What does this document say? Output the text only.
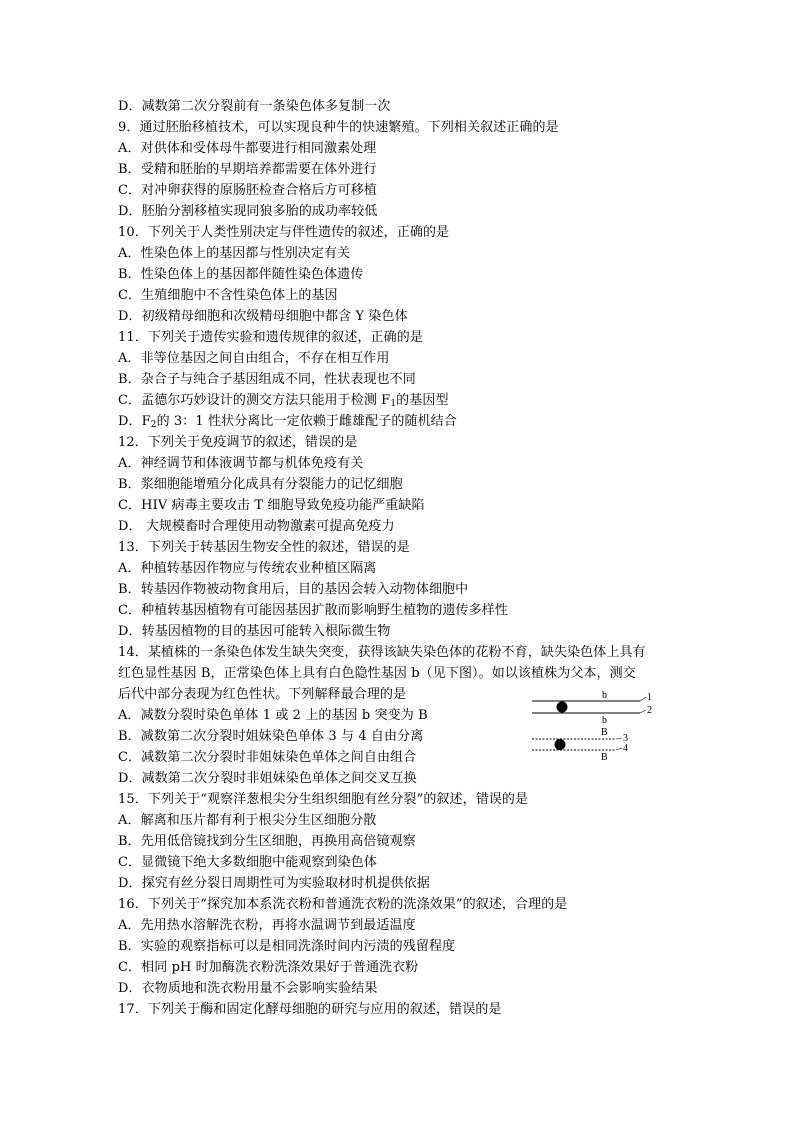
D．减数第二次分裂前有一条染色体多复制一次
9．通过胚胎移植技术，可以实现良种牛的快速繁殖。下列相关叙述正确的是
A．对供体和受体母牛都要进行相同激素处理
B．受精和胚胎的早期培养都需要在体外进行
C．对冲卵获得的原肠胚检查合格后方可移植
D．胚胎分割移植实现同狼多胎的成功率较低
10．下列关于人类性别决定与伴性遗传的叙述，正确的是
A．性染色体上的基因都与性别决定有关
B．性染色体上的基因都伴随性染色体遗传
C．生殖细胞中不含性染色体上的基因
D．初级精母细胞和次级精母细胞中都含 Y 染色体
11．下列关于遗传实验和遗传规律的叙述，正确的是
A．非等位基因之间自由组合，不存在相互作用
B．杂合子与纯合子基因组成不同，性状表现也不同
C．孟德尔巧妙设计的测交方法只能用于检测 $F_1$的基因型
D．$F_2$的 3：1 性状分离比一定依赖于雌雄配子的随机结合
12．下列关于免疫调节的叙述，错误的是
A．神经调节和体液调节都与机体免疫有关
B．浆细胞能增殖分化成具有分裂能力的记忆细胞
C．HIV 病毒主要攻击 T 细胞导致免疫功能严重缺陷
D． 大规模畜时合理使用动物激素可提高免疫力
13．下列关于转基因生物安全性的叙述，错误的是
A．种植转基因作物应与传统农业种植区隔离
B．转基因作物被动物食用后，目的基因会转入动物体细胞中
C．种植转基因植物有可能因基因扩散而影响野生植物的遗传多样性
D．转基因植物的目的基因可能转入根际微生物
14．某植株的一条染色体发生缺失突变，获得该缺失染色体的花粉不育，缺失染色体上具有
红色显性基因 B，正常染色体上具有白色隐性基因 b（见下图）。如以该植株为父本，测交
后代中部分表现为红色性状。下列解释最合理的是
A．减数分裂时染色单体 1 或 2 上的基因 b 突变为 B
B．减数第二次分裂时姐妹染色单体 3 与 4 自由分离
C．减数第二次分裂时非姐妹染色单体之间自由组合
D．减数第二次分裂时非姐妹染色单体之间交叉互换
15．下列关于“观察洋葱根尖分生组织细胞有丝分裂”的叙述，错误的是
A．解离和压片都有利于根尖分生区细胞分散
B．先用低倍镜找到分生区细胞，再换用高倍镜观察
C．显微镜下绝大多数细胞中能观察到染色体
D．探究有丝分裂日周期性可为实验取材时机提供依据
16．下列关于“探究加本系洗衣粉和普通洗衣粉的洗涤效果”的叙述，合理的是
A．先用热水溶解洗衣粉，再将水温调节到最适温度
B．实验的观察指标可以是相同洗涤时间内污渍的残留程度
C．相同 pH 时加酶洗衣粉洗涤效果好于普通洗衣粉
D．衣物质地和洗衣粉用量不会影响实验结果
17．下列关于酶和固定化酵母细胞的研究与应用的叙述，错误的是
b
b
1
2
B
B
3
4
